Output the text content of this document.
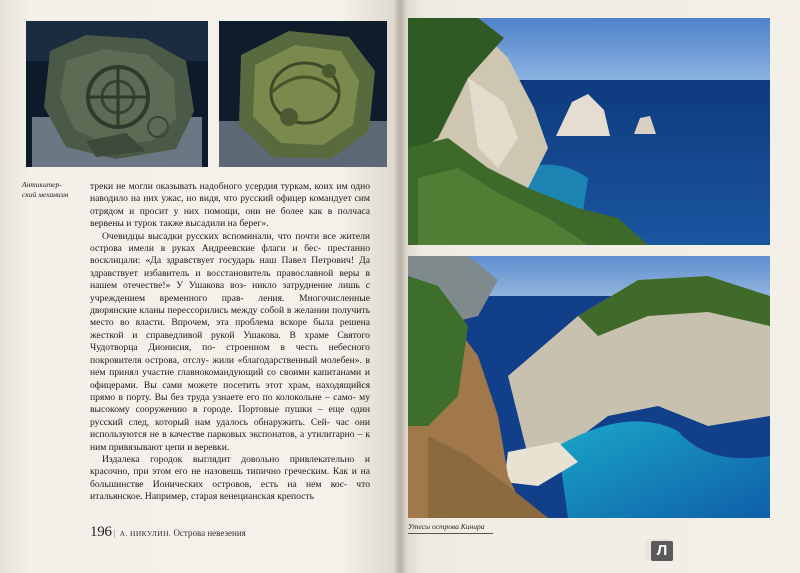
Антикитер-
ский механизм

треки не могли оказывать надобного усердия туркам, коих им одно наводило на них ужас, но видя, что русский офицер командует сим отрядом и просит у них помощи, они не более как в полчаса вервены и турок также высадили на берег».

Очевидцы высадки русских вспоминали, что почти все жители острова имели в руках Андреевские флаги и бес- престанно восклицали: «Да здравствует государь наш Павел Петрович! Да здравствует избавитель и восстановитель православной веры в нашем отечестве!» У Ушакова воз- никло затруднение лишь с учреждением временного прав- ления. Многочисленные дворянские кланы перессорились между собой в желании получить место во власти. Впрочем, эта проблема вскоре была решена жесткой и справедливой рукой Ушакова. В храме Святого Чудотворца Дионисия, по- строенном в честь небесного покровителя острова, отслу- жили «благодарственный молебен». в нем принял участие главнокомандующий со своими капитанами и офицерами. Вы сами можете посетить этот храм, находящийся прямо в порту. Вы без труда узнаете его по колокольне – само- му высокому сооружению в городе. Портовые пушки – еще один русский след, который нам удалось обнаружить. Сей- час они используются не в качестве парковых экспонатов, а утилитарно – к ним привязывают цепи и веревки.

Издалека городок выглядит довольно привлекательно и красочно, при этом его не назовешь типично греческим. Как и на большинстве Ионических островов, есть на нем коє- что итальянское. Например, старая венецианская крепость

196 | А. НИКУЛИН. Острова невезения
Утесы острова Кинира
Л
